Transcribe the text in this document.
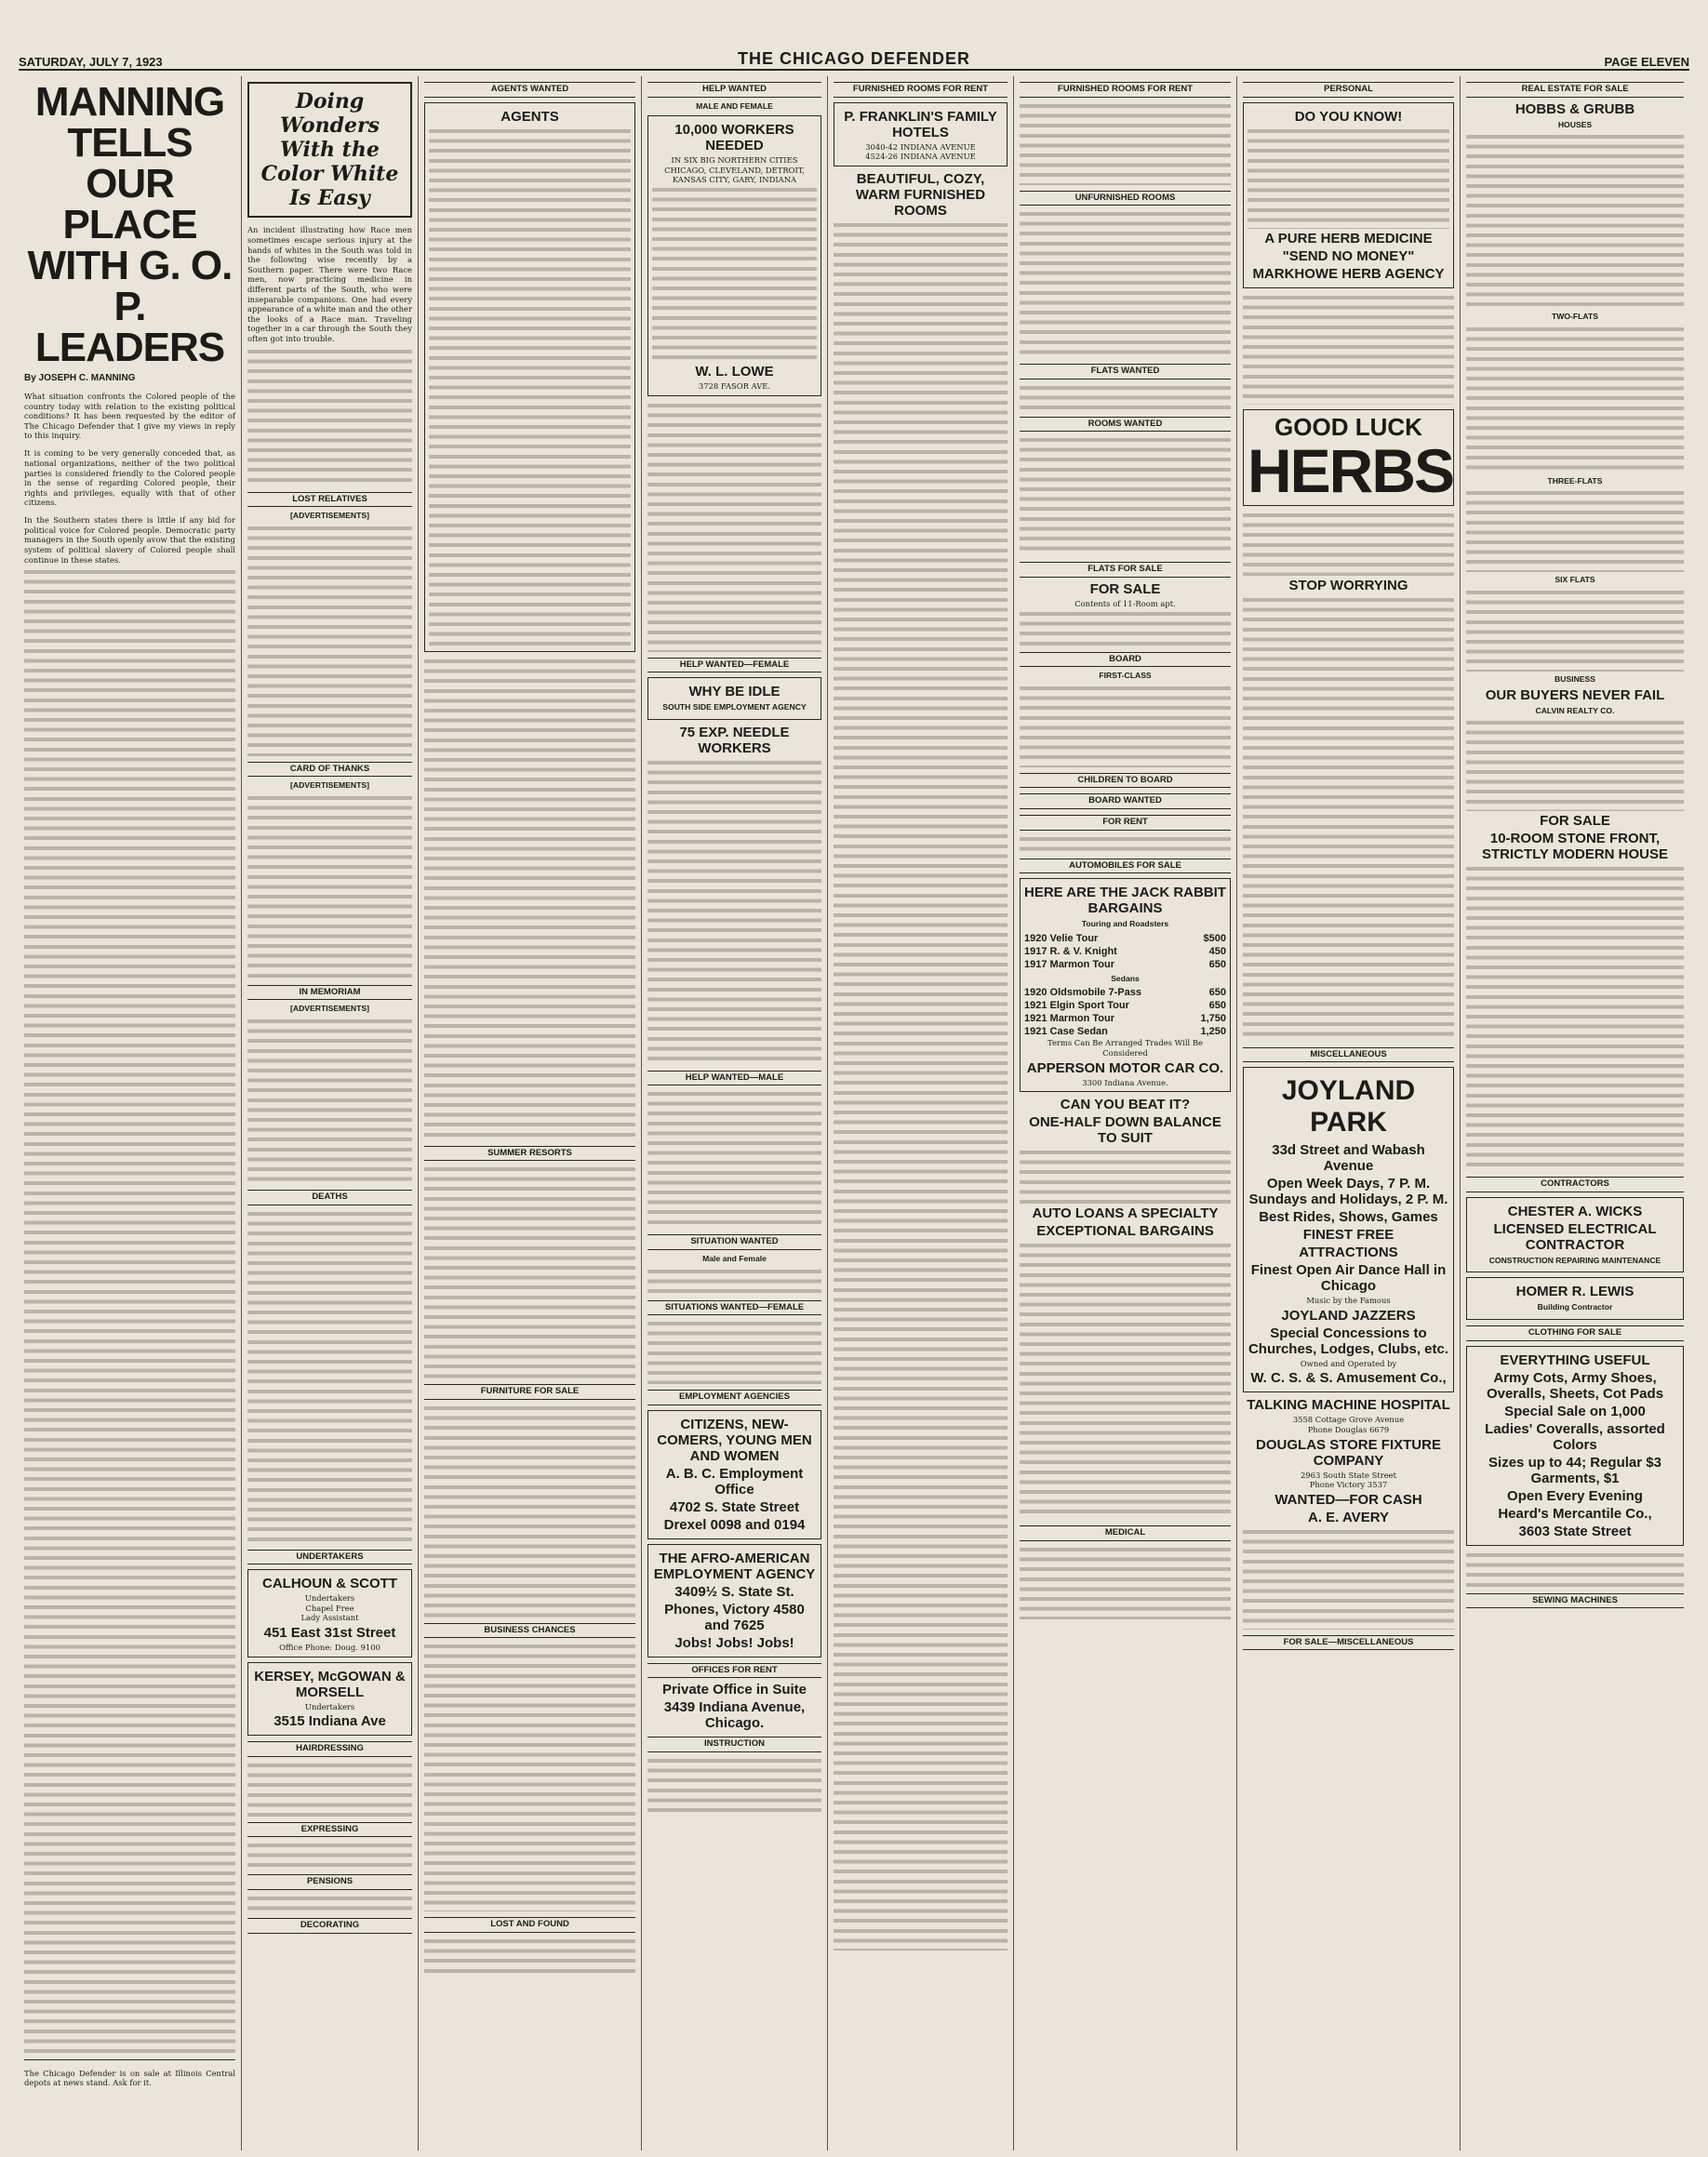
SATURDAY, JULY 7, 1923	THE CHICAGO DEFENDER	PAGE ELEVEN
MANNING TELLS OUR PLACE WITH G. O. P. LEADERS
By JOSEPH C. MANNING

What situation confronts the Colored people of the country today with relation to the existing political conditions? It has been requested by the editor of The Chicago Defender that I give my views in reply to this inquiry.

It is coming to be very generally conceded that, as national organizations, neither of the two political parties is considered friendly to the Colored people in the sense of regarding Colored people, their rights and privileges, equally with that of other citizens.

In the Southern states there is little if any bid for political voice for Colored people. Democratic party managers in the South openly avow that the existing system of political slavery of Colored people shall continue in these states.

The Chicago Defender is on sale at Illinois Central depots at news stand. Ask for it.

Doing Wonders With the Color White Is Easy

An incident illustrating how Race men sometimes escape serious injury at the hands of whites in the South was told in the following wise recently by a Southern paper. There were two Race men, now practicing medicine in different parts of the South, who were inseparable companions. One had every appearance of a white man and the other the looks of a Race man. Traveling together in a car through the South they often got into trouble.

LOST RELATIVES
[ADVERTISEMENTS]
CARD OF THANKS
[ADVERTISEMENTS]
IN MEMORIAM
[ADVERTISEMENTS]
DEATHS
UNDERTAKERS
CALHOUN & SCOTT
Undertakers
Chapel Free
Lady Assistant
451 East 31st Street
Office Phone: Doug. 9100
KERSEY, McGOWAN & MORSELL
Undertakers
3515 Indiana Ave
HAIRDRESSING
EXPRESSING
PENSIONS
DECORATING
AGENTS WANTED
AGENTS
SUMMER RESORTS
FURNITURE FOR SALE
BUSINESS CHANCES
LOST AND FOUND
HELP WANTED
MALE AND FEMALE
10,000 WORKERS NEEDED
IN SIX BIG NORTHERN CITIES CHICAGO, CLEVELAND, DETROIT, KANSAS CITY, GARY, INDIANA
W. L. LOWE
3728 FASOR AVE.
HELP WANTED—FEMALE
WHY BE IDLE
SOUTH SIDE EMPLOYMENT AGENCY
75 EXP. NEEDLE WORKERS
HELP WANTED—MALE
SITUATION WANTED
Male and Female
SITUATIONS WANTED—FEMALE
EMPLOYMENT AGENCIES
CITIZENS, NEW-COMERS, YOUNG MEN AND WOMEN
A. B. C. Employment Office
4702 S. State Street
Drexel 0098 and 0194
THE AFRO-AMERICAN EMPLOYMENT AGENCY
3409½ S. State St.
Phones, Victory 4580 and 7625
Jobs! Jobs! Jobs!
OFFICES FOR RENT
Private Office in Suite
3439 Indiana Avenue, Chicago.
INSTRUCTION
FURNISHED ROOMS FOR RENT
P. FRANKLIN'S FAMILY HOTELS
3040-42 INDIANA AVENUE
4524-26 INDIANA AVENUE
BEAUTIFUL, COZY, WARM FURNISHED ROOMS
FURNISHED ROOMS FOR RENT
UNFURNISHED ROOMS
FLATS WANTED
ROOMS WANTED
FLATS FOR SALE
FOR SALE
Contents of 11-Room apt.
BOARD
FIRST-CLASS
CHILDREN TO BOARD
BOARD WANTED
FOR RENT
AUTOMOBILES FOR SALE
HERE ARE THE JACK RABBIT BARGAINS
Touring and Roadsters
1920 Velie Tour	$500
1917 R. & V. Knight	450
1917 Marmon Tour	650
Sedans
1920 Oldsmobile 7-Pass	650
1921 Elgin Sport Tour	650
1921 Marmon Tour	1,750
1921 Case Sedan	1,250
Terms Can Be Arranged Trades Will Be Considered
APPERSON MOTOR CAR CO.
3300 Indiana Avenue.
CAN YOU BEAT IT?
ONE-HALF DOWN BALANCE TO SUIT
AUTO LOANS A SPECIALTY
EXCEPTIONAL BARGAINS
MEDICAL
PERSONAL
DO YOU KNOW!
A PURE HERB MEDICINE
"SEND NO MONEY"
MARKHOWE HERB AGENCY
GOOD LUCK
HERBS
STOP WORRYING
MISCELLANEOUS
JOYLAND PARK
33d Street and Wabash Avenue
Open Week Days, 7 P. M. Sundays and Holidays, 2 P. M.
Best Rides, Shows, Games
FINEST FREE
ATTRACTIONS
Finest Open Air Dance Hall in Chicago
Music by the Famous
JOYLAND JAZZERS
Special Concessions to Churches, Lodges, Clubs, etc.
Owned and Operated by
W. C. S. & S. Amusement Co.,
TALKING MACHINE HOSPITAL
3558 Cottage Grove Avenue
Phone Douglas 6679
DOUGLAS STORE FIXTURE COMPANY
2963 South State Street
Phone Victory 3537
WANTED—FOR CASH
A. E. AVERY
FOR SALE—MISCELLANEOUS
REAL ESTATE FOR SALE
HOBBS & GRUBB
HOUSES
TWO-FLATS
THREE-FLATS
SIX FLATS
BUSINESS
OUR BUYERS NEVER FAIL
CALVIN REALTY CO.
FOR SALE
10-ROOM STONE FRONT, STRICTLY MODERN HOUSE
CONTRACTORS
CHESTER A. WICKS
LICENSED ELECTRICAL CONTRACTOR
CONSTRUCTION REPAIRING MAINTENANCE
HOMER R. LEWIS
Building Contractor
CLOTHING FOR SALE
EVERYTHING USEFUL
Army Cots, Army Shoes, Overalls, Sheets, Cot Pads
Special Sale on 1,000
Ladies' Coveralls, assorted Colors
Sizes up to 44; Regular $3 Garments, $1
Open Every Evening
Heard's Mercantile Co.,
3603 State Street
SEWING MACHINES
